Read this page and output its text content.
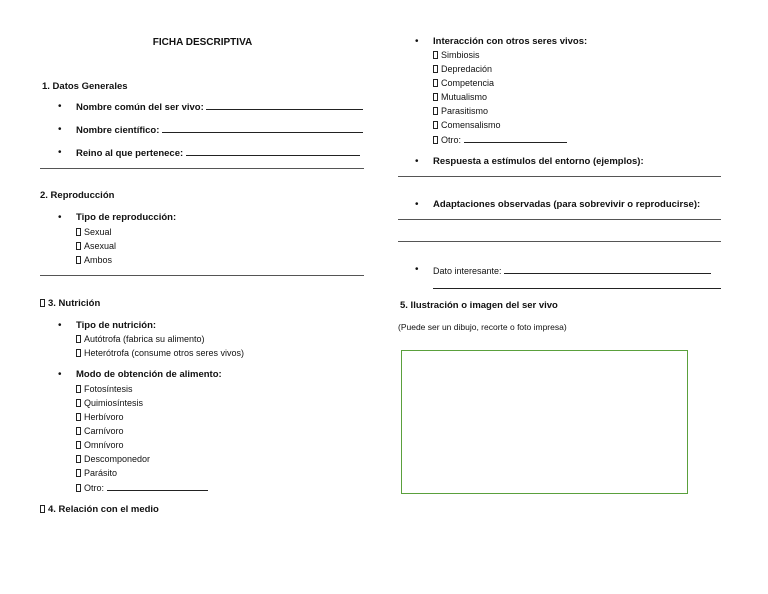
FICHA DESCRIPTIVA
1. Datos Generales
• Nombre común del ser vivo:
• Nombre científico:
• Reino al que pertenece:
2. Reproducción
• Tipo de reproducción:
Sexual
Asexual
Ambos
3. Nutrición
• Tipo de nutrición:
Autótrofa (fabrica su alimento)
Heterótrofa (consume otros seres vivos)
• Modo de obtención de alimento:
Fotosíntesis
Quimiosíntesis
Herbívoro
Carnívoro
Omnívoro
Descomponedor
Parásito
Otro:
4. Relación con el medio
• Interacción con otros seres vivos:
Simbiosis
Depredación
Competencia
Mutualismo
Parasitismo
Comensalismo
Otro:
• Respuesta a estímulos del entorno (ejemplos):
• Adaptaciones observadas (para sobrevivir o reproducirse):
• Dato interesante:
5. Ilustración o imagen del ser vivo
(Puede ser un dibujo, recorte o foto impresa)
